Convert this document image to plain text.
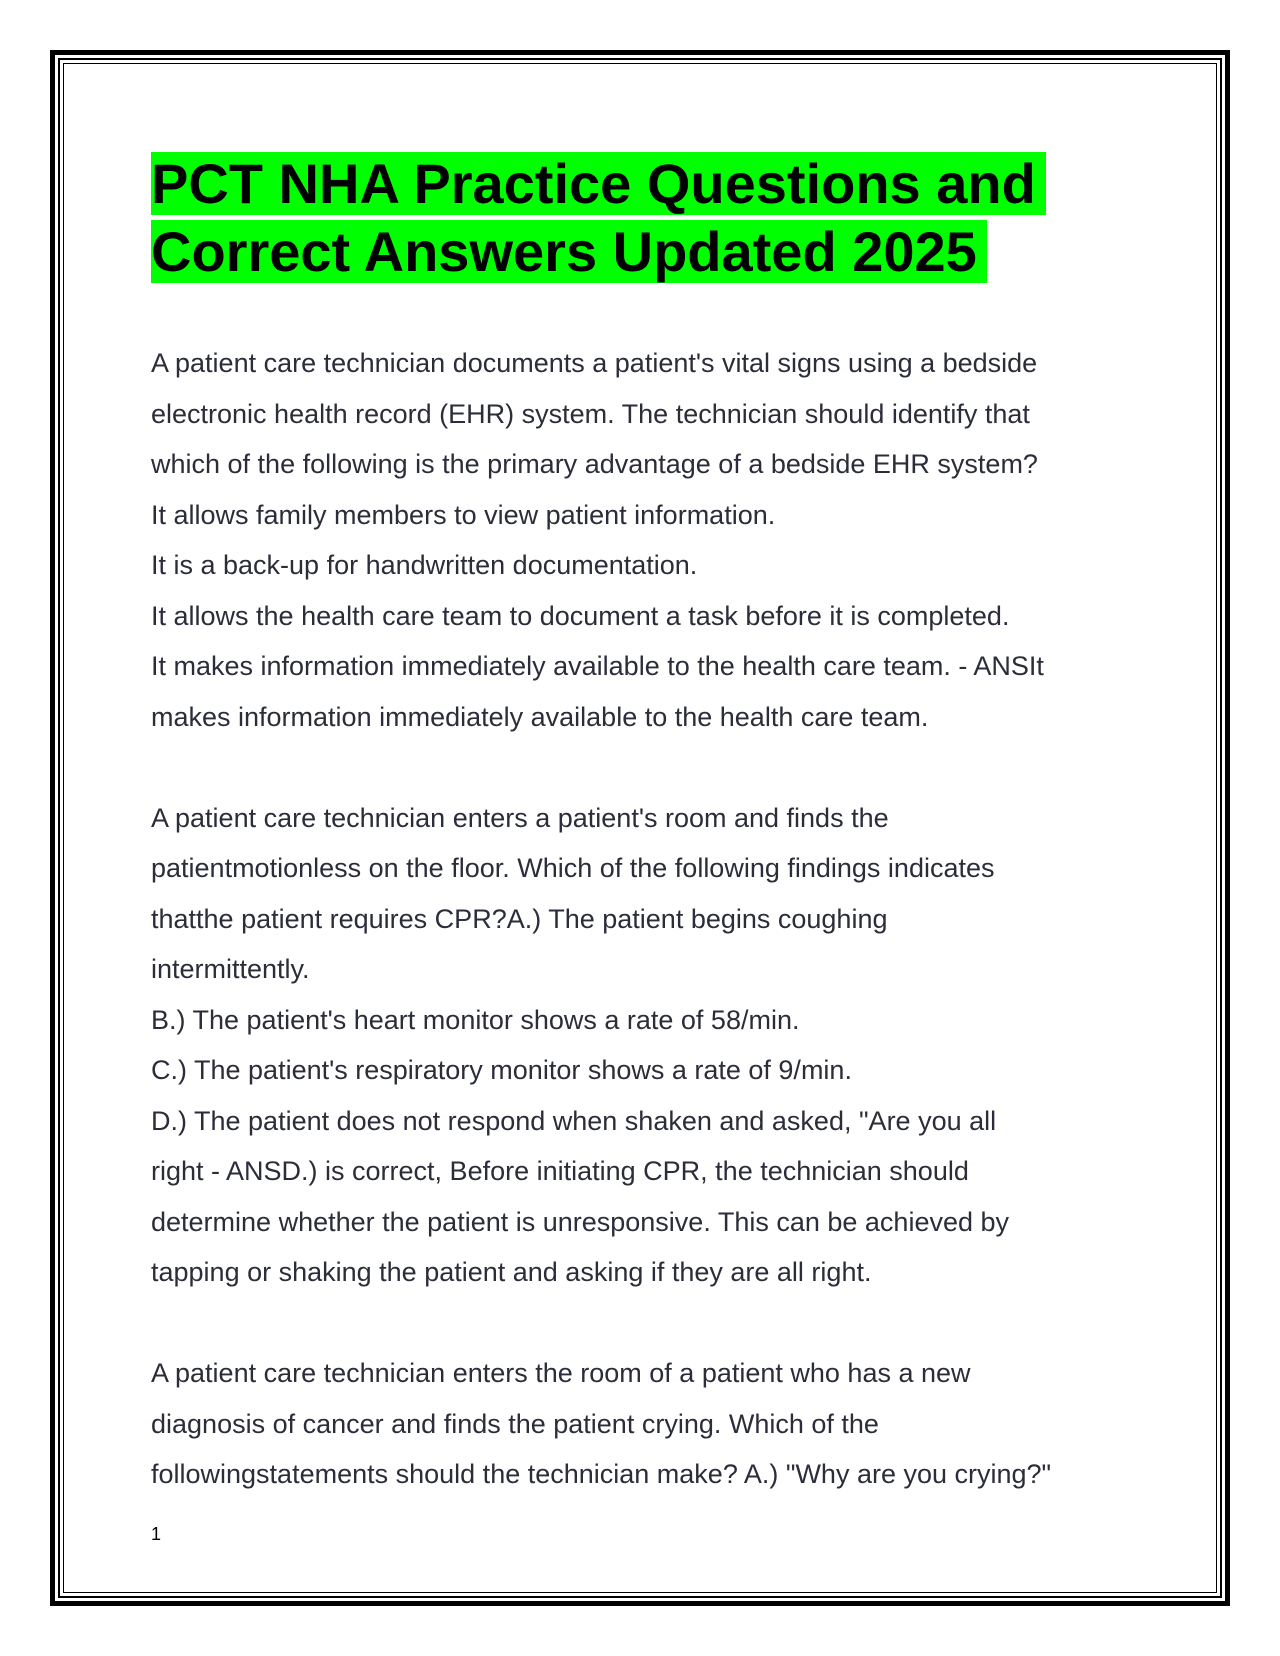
PCT NHA Practice Questions and
Correct Answers Updated 2025
A patient care technician documents a patient's vital signs using a bedside
electronic health record (EHR) system. The technician should identify that
which of the following is the primary advantage of a bedside EHR system?
It allows family members to view patient information.
It is a back-up for handwritten documentation.
It allows the health care team to document a task before it is completed.
It makes information immediately available to the health care team. - ANSIt
makes information immediately available to the health care team.
A patient care technician enters a patient's room and finds the
patientmotionless on the floor. Which of the following findings indicates
thatthe patient requires CPR?A.) The patient begins coughing
intermittently.
B.) The patient's heart monitor shows a rate of 58/min.
C.) The patient's respiratory monitor shows a rate of 9/min.
D.) The patient does not respond when shaken and asked, "Are you all
right - ANSD.) is correct, Before initiating CPR, the technician should
determine whether the patient is unresponsive. This can be achieved by
tapping or shaking the patient and asking if they are all right.
A patient care technician enters the room of a patient who has a new
diagnosis of cancer and finds the patient crying. Which of the
followingstatements should the technician make? A.) "Why are you crying?"
1
